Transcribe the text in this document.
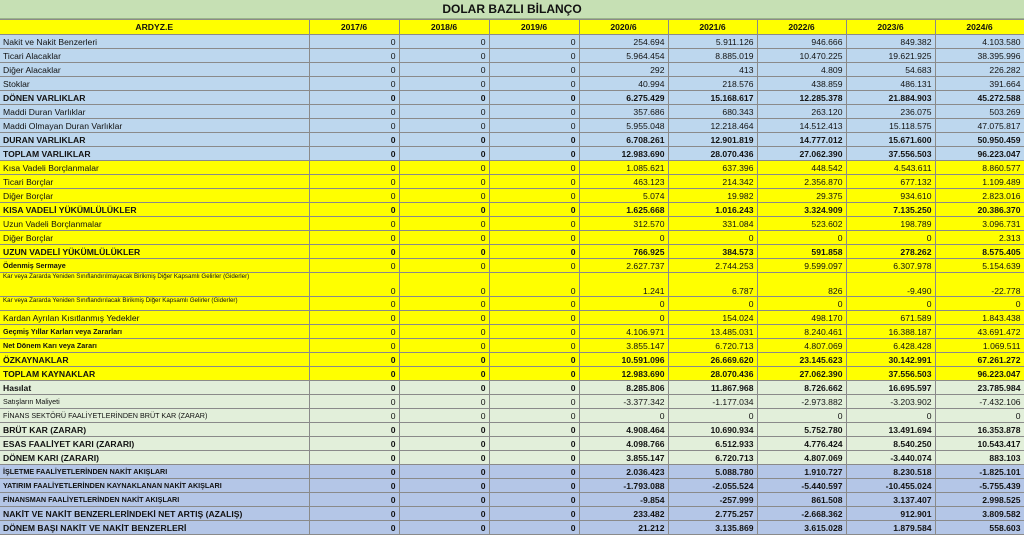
DOLAR BAZLI BİLANÇO
ARDYZ.E	2017/6	2018/6	2019/6	2020/6	2021/6	2022/6	2023/6	2024/6
Nakit ve Nakit Benzerleri	0	0	0	254.694	5.911.126	946.666	849.382	4.103.580
Ticari Alacaklar	0	0	0	5.964.454	8.885.019	10.470.225	19.621.925	38.395.996
Diğer Alacaklar	0	0	0	292	413	4.809	54.683	226.282
Stoklar	0	0	0	40.994	218.576	438.859	486.131	391.664
DÖNEN VARLIKLAR	0	0	0	6.275.429	15.168.617	12.285.378	21.884.903	45.272.588
Maddi Duran Varlıklar	0	0	0	357.686	680.343	263.120	236.075	503.269
Maddi Olmayan Duran Varlıklar	0	0	0	5.955.048	12.218.464	14.512.413	15.118.575	47.075.817
DURAN VARLIKLAR	0	0	0	6.708.261	12.901.819	14.777.012	15.671.600	50.950.459
TOPLAM VARLIKLAR	0	0	0	12.983.690	28.070.436	27.062.390	37.556.503	96.223.047
Kısa Vadeli Borçlanmalar	0	0	0	1.085.621	637.396	448.542	4.543.611	8.860.577
Ticari Borçlar	0	0	0	463.123	214.342	2.356.870	677.132	1.109.489
Diğer Borçlar	0	0	0	5.074	19.982	29.375	934.610	2.823.016
KISA VADELİ YÜKÜMLÜLÜKLER	0	0	0	1.625.668	1.016.243	3.324.909	7.135.250	20.386.370
Uzun Vadeli Borçlanmalar	0	0	0	312.570	331.084	523.602	198.789	3.096.731
Diğer Borçlar	0	0	0	0	0	0	0	2.313
UZUN VADELİ YÜKÜMLÜLÜKLER	0	0	0	766.925	384.573	591.858	278.262	8.575.405
Ödenmiş Sermaye	0	0	0	2.627.737	2.744.253	9.599.097	6.307.978	5.154.639
Kar veya Zararda Yeniden Sınıflandırılmayacak Birikmiş Diğer Kapsamlı Gelirler (Giderler)	0	0	0	1.241	6.787	826	-9.490	-22.778
Kar veya Zararda Yeniden Sınıflandırılacak Birikmiş Diğer Kapsamlı Gelirler (Giderler)	0	0	0	0	0	0	0	0
Kardan Ayrılan Kısıtlanmış Yedekler	0	0	0	0	154.024	498.170	671.589	1.843.438
Geçmiş Yıllar Karları veya Zararları	0	0	0	4.106.971	13.485.031	8.240.461	16.388.187	43.691.472
Net Dönem Karı veya Zararı	0	0	0	3.855.147	6.720.713	4.807.069	6.428.428	1.069.511
ÖZKAYNAKLAR	0	0	0	10.591.096	26.669.620	23.145.623	30.142.991	67.261.272
TOPLAM KAYNAKLAR	0	0	0	12.983.690	28.070.436	27.062.390	37.556.503	96.223.047
Hasılat	0	0	0	8.285.806	11.867.968	8.726.662	16.695.597	23.785.984
Satışların Maliyeti	0	0	0	-3.377.342	-1.177.034	-2.973.882	-3.203.902	-7.432.106
FİNANS SEKTÖRÜ FAALİYETLERİNDEN BRÜT KAR (ZARAR)	0	0	0	0	0	0	0	0
BRÜT KAR (ZARAR)	0	0	0	4.908.464	10.690.934	5.752.780	13.491.694	16.353.878
ESAS FAALİYET KARI (ZARARI)	0	0	0	4.098.766	6.512.933	4.776.424	8.540.250	10.543.417
DÖNEM KARI (ZARARI)	0	0	0	3.855.147	6.720.713	4.807.069	-3.440.074	883.103
İŞLETME FAALİYETLERİNDEN NAKİT AKIŞLARI	0	0	0	2.036.423	5.088.780	1.910.727	8.230.518	-1.825.101
YATIRIM FAALİYETLERİNDEN KAYNAKLANAN NAKİT AKIŞLARI	0	0	0	-1.793.088	-2.055.524	-5.440.597	-10.455.024	-5.755.439
FİNANSMAN FAALİYETLERİNDEN NAKİT AKIŞLARI	0	0	0	-9.854	-257.999	861.508	3.137.407	2.998.525
NAKİT VE NAKİT BENZERLERİNDEKİ NET ARTIŞ (AZALIŞ)	0	0	0	233.482	2.775.257	-2.668.362	912.901	3.809.582
DÖNEM BAŞI NAKİT VE NAKİT BENZERLERİ	0	0	0	21.212	3.135.869	3.615.028	1.879.584	558.603
